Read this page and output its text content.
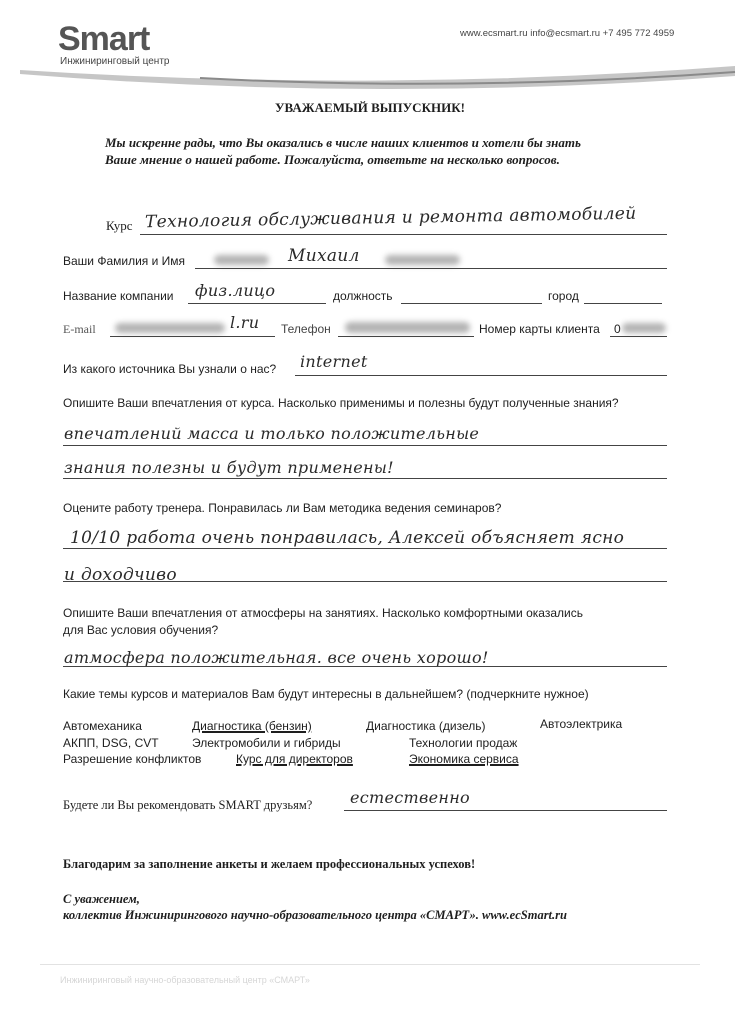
Smart
Инжиниринговый центр
www.ecsmart.ru info@ecsmart.ru +7 495 772 4959
УВАЖАЕМЫЙ ВЫПУСКНИК!
Мы искренне рады, что Вы оказались в числе наших клиентов и хотели бы знать
Ваше мнение о нашей работе. Пожалуйста, ответьте на несколько вопросов.
Курс Технология обслуживания и ремонта автомобилей
Ваши Фамилия и Имя	Михаил
Название компании физ.лицо	должность	город
E-mail	l.ru Телефон	Номер карты клиента 0
Из какого источника Вы узнали о нас? internet
Опишите Ваши впечатления от курса. Насколько применимы и полезны будут полученные знания?
впечатлений масса и только положительные
знания полезны и будут применены!
Оцените работу тренера. Понравилась ли Вам методика ведения семинаров?
10/10 работа очень понравилась, Алексей объясняет ясно
и доходчиво
Опишите Ваши впечатления от атмосферы на занятиях. Насколько комфортными оказались
для Вас условия обучения?
атмосфера положительная. все очень хорошо!
Какие темы курсов и материалов Вам будут интересны в дальнейшем? (подчеркните нужное)
Автомеханика	Диагностика (бензин)	Диагностика (дизель)	Автоэлектрика
АКПП, DSG, CVT	Электромобили и гибриды	Технологии продаж
Разрешение конфликтов	Курс для директоров	Экономика сервиса
Будете ли Вы рекомендовать SMART друзьям? естественно
Благодарим за заполнение анкеты и желаем профессиональных успехов!
С уважением,
коллектив Инжинирингового научно-образовательного центра «СМАРТ». www.ecSmart.ru
Инжиниринговый научно-образовательный центр «СМАРТ»
